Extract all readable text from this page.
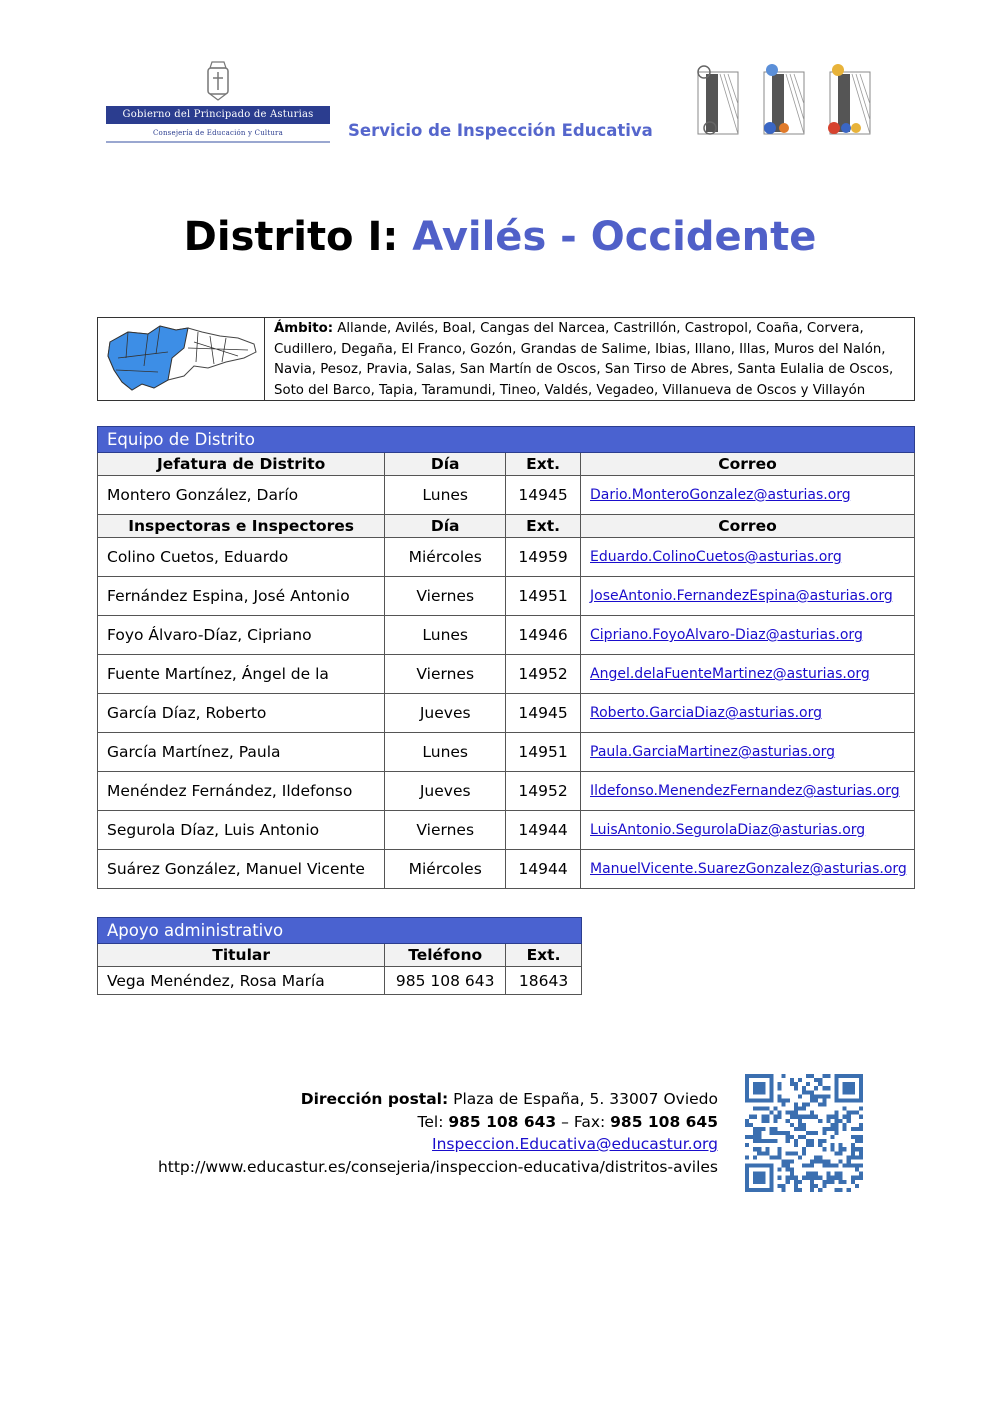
Gobierno del Principado de Asturias
Consejería de Educación y Cultura	Servicio de Inspección Educativa
Distrito I: Avilés - Occidente
Ámbito: Allande, Avilés, Boal, Cangas del Narcea, Castrillón, Castropol, Coaña, Corvera, Cudillero, Degaña, El Franco, Gozón, Grandas de Salime, Ibias, Illano, Illas, Muros del Nalón, Navia, Pesoz, Pravia, Salas, San Martín de Oscos, San Tirso de Abres, Santa Eulalia de Oscos, Soto del Barco, Tapia, Taramundi, Tineo, Valdés, Vegadeo, Villanueva de Oscos y Villayón
Equipo de Distrito			
Jefatura de Distrito	Día	Ext.	Correo
Montero González, Darío	Lunes	14945	Dario.MonteroGonzalez@asturias.org
Inspectoras e Inspectores	Día	Ext.	Correo
Colino Cuetos, Eduardo	Miércoles	14959	Eduardo.ColinoCuetos@asturias.org
Fernández Espina, José Antonio	Viernes	14951	JoseAntonio.FernandezEspina@asturias.org
Foyo Álvaro-Díaz, Cipriano	Lunes	14946	Cipriano.FoyoAlvaro-Diaz@asturias.org
Fuente Martínez, Ángel de la	Viernes	14952	Angel.delaFuenteMartinez@asturias.org
García Díaz, Roberto	Jueves	14945	Roberto.GarciaDiaz@asturias.org
García Martínez, Paula	Lunes	14951	Paula.GarciaMartinez@asturias.org
Menéndez Fernández, Ildefonso	Jueves	14952	Ildefonso.MenendezFernandez@asturias.org
Segurola Díaz, Luis Antonio	Viernes	14944	LuisAntonio.SegurolaDiaz@asturias.org
Suárez González, Manuel Vicente	Miércoles	14944	ManuelVicente.SuarezGonzalez@asturias.org
Apoyo administrativo		
Titular	Teléfono	Ext.
Vega Menéndez, Rosa María	985 108 643	18643
Dirección postal: Plaza de España, 5. 33007 Oviedo
Tel: 985 108 643 – Fax: 985 108 645
Inspeccion.Educativa@educastur.org
http://www.educastur.es/consejeria/inspeccion-educativa/distritos-aviles
